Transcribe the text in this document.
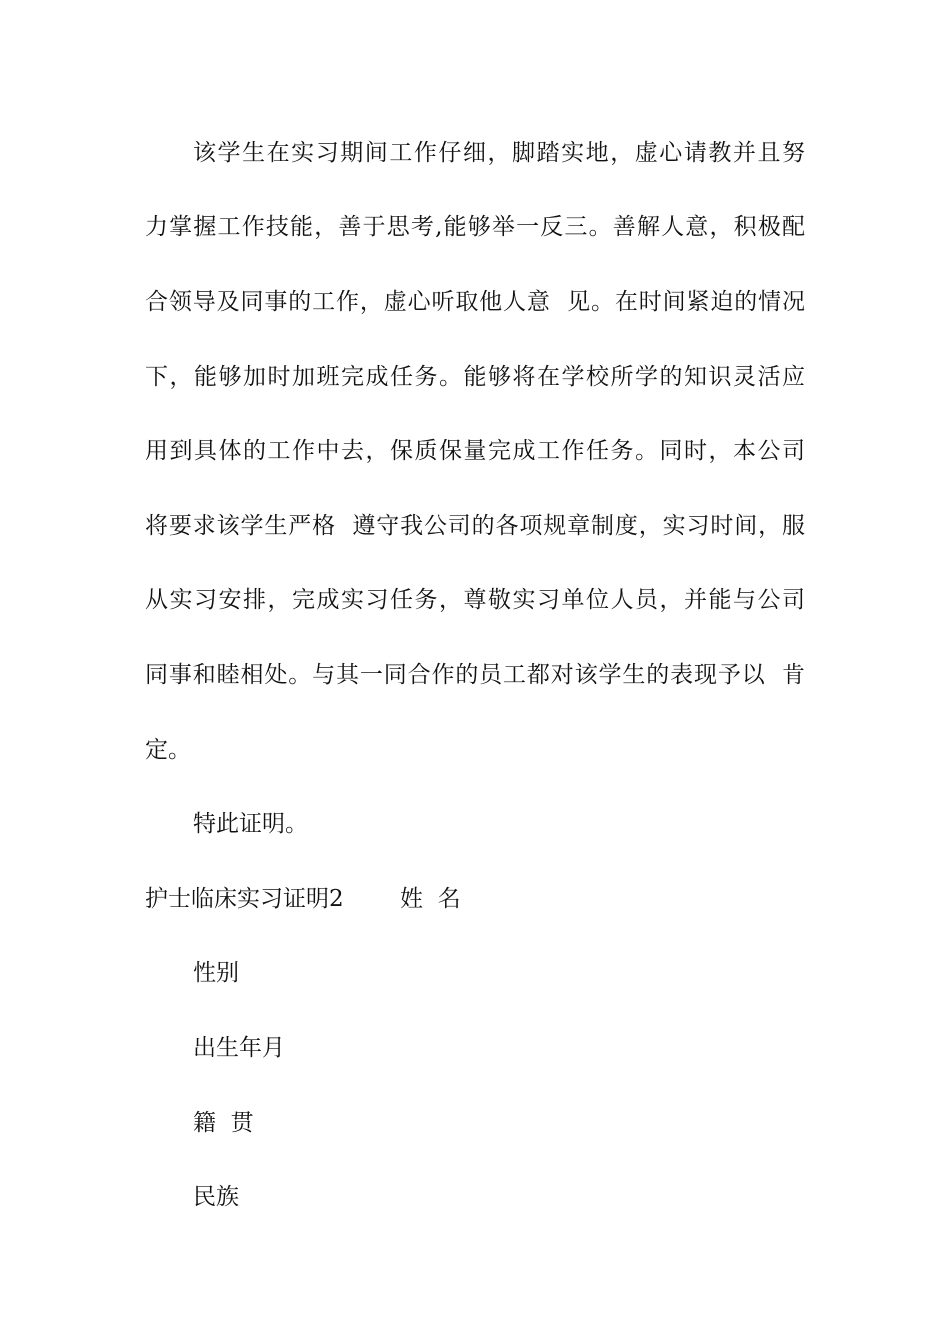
该学生在实习期间工作仔细，脚踏实地，虚心请教并且努
力掌握工作技能，善于思考,能够举一反三。善解人意，积极配
合领导及同事的工作，虚心听取他人意  见。在时间紧迫的情况
下，能够加时加班完成任务。能够将在学校所学的知识灵活应
用到具体的工作中去，保质保量完成工作任务。同时，本公司
将要求该学生严格  遵守我公司的各项规章制度，实习时间，服
从实习安排，完成实习任务，尊敬实习单位人员，并能与公司
同事和睦相处。与其一同合作的员工都对该学生的表现予以  肯
定。
特此证明。
护士临床实习证明2 姓  名
性别
出生年月
籍  贯
民族
